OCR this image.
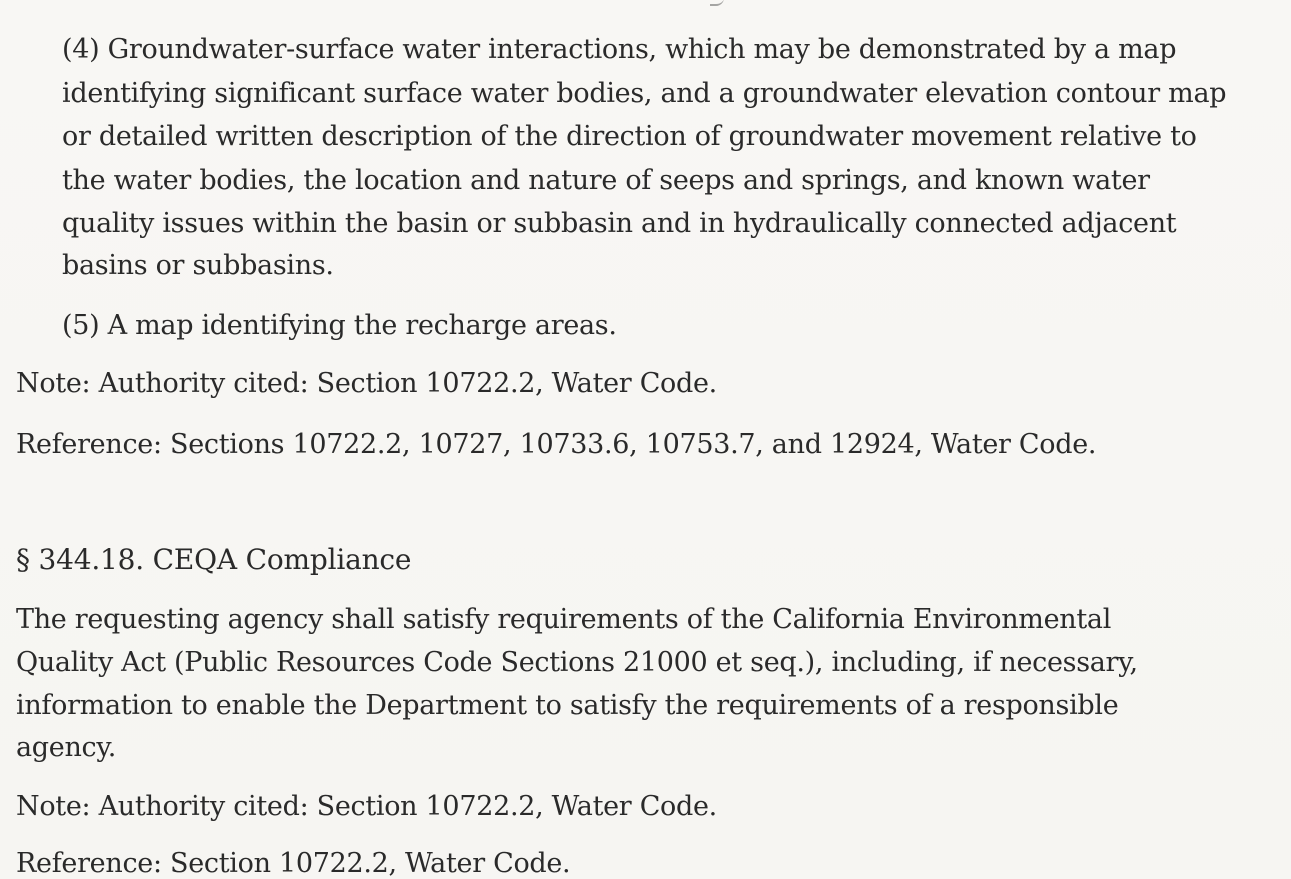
(4) Groundwater-surface water interactions, which may be demonstrated by a map
identifying significant surface water bodies, and a groundwater elevation contour map
or detailed written description of the direction of groundwater movement relative to
the water bodies, the location and nature of seeps and springs, and known water
quality issues within the basin or subbasin and in hydraulically connected adjacent
basins or subbasins.
(5) A map identifying the recharge areas.
Note: Authority cited: Section 10722.2, Water Code.
Reference: Sections 10722.2, 10727, 10733.6, 10753.7, and 12924, Water Code.
§ 344.18. CEQA Compliance
The requesting agency shall satisfy requirements of the California Environmental
Quality Act (Public Resources Code Sections 21000 et seq.), including, if necessary,
information to enable the Department to satisfy the requirements of a responsible
agency.
Note: Authority cited: Section 10722.2, Water Code.
Reference: Section 10722.2, Water Code.
